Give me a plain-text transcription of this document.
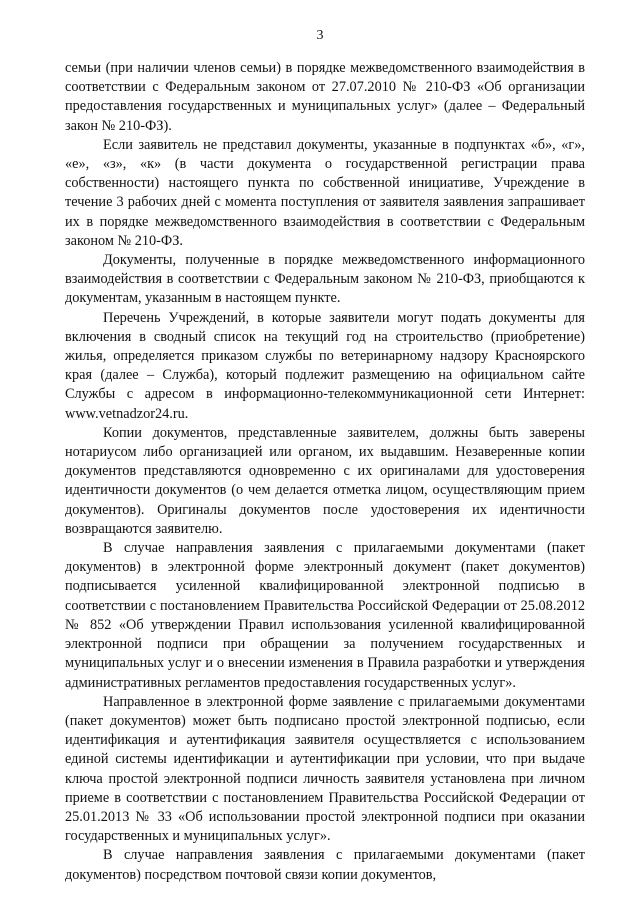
3

семьи (при наличии членов семьи) в порядке межведомственного взаимодействия в соответствии с Федеральным законом от 27.07.2010 № 210-ФЗ «Об организации предоставления государственных и муниципальных услуг» (далее – Федеральный закон № 210-ФЗ).

Если заявитель не представил документы, указанные в подпунктах «б», «г», «е», «з», «к» (в части документа о государственной регистрации права собственности) настоящего пункта по собственной инициативе, Учреждение в течение 3 рабочих дней с момента поступления от заявителя заявления запрашивает их в порядке межведомственного взаимодействия в соответствии с Федеральным законом № 210-ФЗ.

Документы, полученные в порядке межведомственного информационного взаимодействия в соответствии с Федеральным законом № 210-ФЗ, приобщаются к документам, указанным в настоящем пункте.

Перечень Учреждений, в которые заявители могут подать документы для включения в сводный список на текущий год на строительство (приобретение) жилья, определяется приказом службы по ветеринарному надзору Красноярского края (далее – Служба), который подлежит размещению на официальном сайте Службы с адресом в информационно-телекоммуникационной сети Интернет: www.vetnadzor24.ru.

Копии документов, представленные заявителем, должны быть заверены нотариусом либо организацией или органом, их выдавшим. Незаверенные копии документов представляются одновременно с их оригиналами для удостоверения идентичности документов (о чем делается отметка лицом, осуществляющим прием документов). Оригиналы документов после удостоверения их идентичности возвращаются заявителю.

В случае направления заявления с прилагаемыми документами (пакет документов) в электронной форме электронный документ (пакет документов) подписывается усиленной квалифицированной электронной подписью в соответствии с постановлением Правительства Российской Федерации от 25.08.2012 № 852 «Об утверждении Правил использования усиленной квалифицированной электронной подписи при обращении за получением государственных и муниципальных услуг и о внесении изменения в Правила разработки и утверждения административных регламентов предоставления государственных услуг».

Направленное в электронной форме заявление с прилагаемыми документами (пакет документов) может быть подписано простой электронной подписью, если идентификация и аутентификация заявителя осуществляется с использованием единой системы идентификации и аутентификации при условии, что при выдаче ключа простой электронной подписи личность заявителя установлена при личном приеме в соответствии с постановлением Правительства Российской Федерации от 25.01.2013 № 33 «Об использовании простой электронной подписи при оказании государственных и муниципальных услуг».

В случае направления заявления с прилагаемыми документами (пакет документов) посредством почтовой связи копии документов,
